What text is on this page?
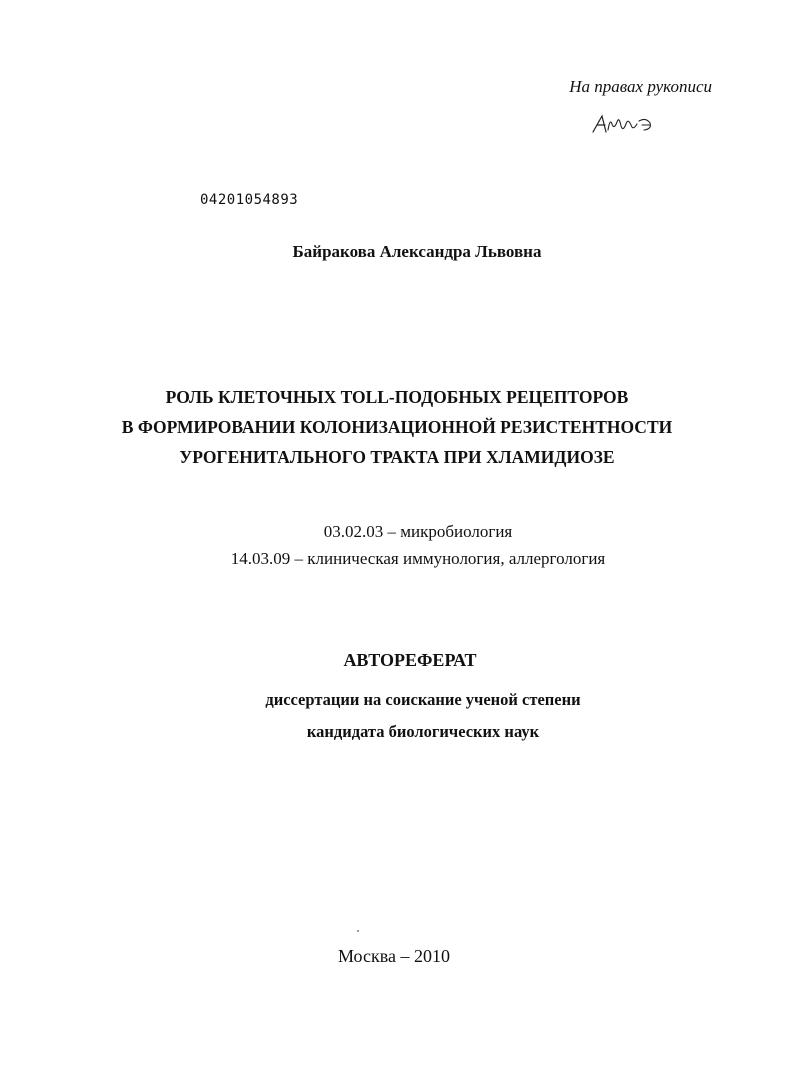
На правах рукописи
04201054893
Байракова Александра Львовна
РОЛЬ КЛЕТОЧНЫХ TOLL-ПОДОБНЫХ РЕЦЕПТОРОВ
В ФОРМИРОВАНИИ КОЛОНИЗАЦИОННОЙ РЕЗИСТЕНТНОСТИ
УРОГЕНИТАЛЬНОГО ТРАКТА ПРИ ХЛАМИДИОЗЕ
03.02.03 – микробиология
14.03.09 – клиническая иммунология, аллергология
АВТОРЕФЕРАТ
диссертации на соискание ученой степени
кандидата биологических наук
Москва – 2010
